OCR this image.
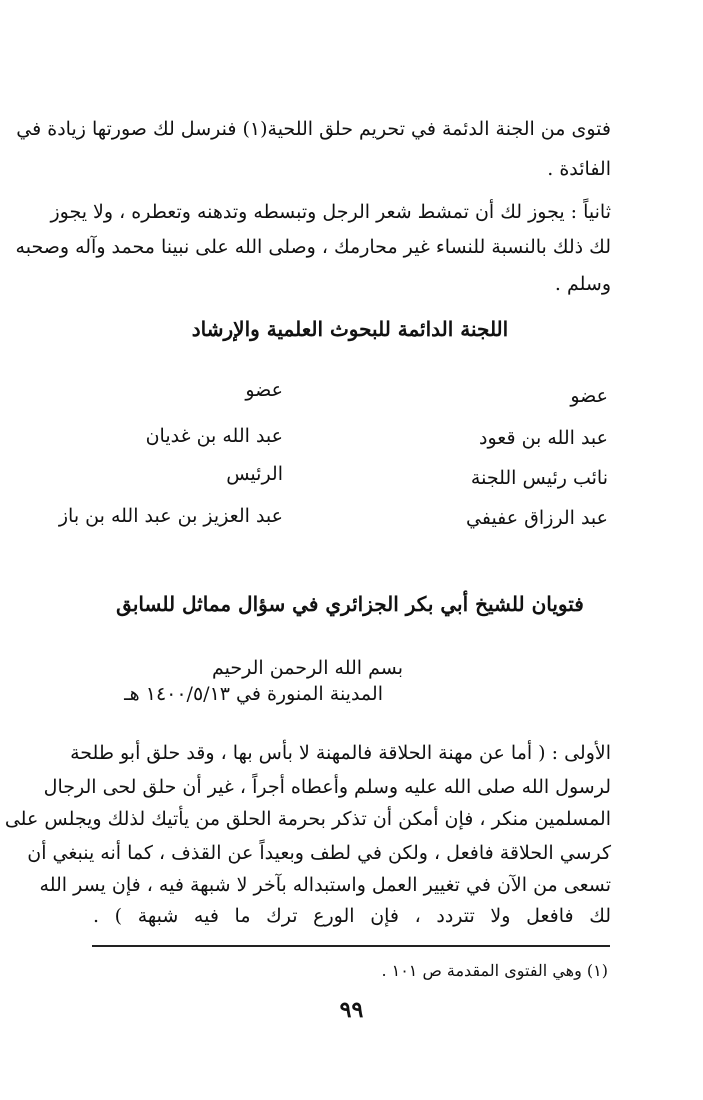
فتوى من الجنة الدئمة في تحريم حلق اللحية(١) فنرسل لك صورتها زيادة في
الفائدة .
ثانياً : يجوز لك أن تمشط شعر الرجل وتبسطه وتدهنه وتعطره ، ولا يجوز
لك ذلك بالنسبة للنساء غير محارمك ، وصلى الله على نبينا محمد وآله وصحبه
وسلم .
اللجنة الدائمة للبحوث العلمية والإرشاد
عضو
عضو
عبد الله بن قعود
عبد الله بن غديان
نائب رئيس اللجنة
الرئيس
عبد الرزاق عفيفي
عبد العزيز بن عبد الله بن باز
فتويان للشيخ أبي بكر الجزائري في سؤال مماثل للسابق
بسم الله الرحمن الرحيم
المدينة المنورة في ١٤٠٠/٥/١٣ هـ
الأولى : ( أما عن مهنة الحلاقة فالمهنة لا بأس بها ، وقد حلق أبو طلحة
لرسول الله صلى الله عليه وسلم وأعطاه أجراً ، غير أن حلق لحى الرجال
المسلمين منكر ، فإن أمكن أن تذكر بحرمة الحلق من يأتيك لذلك ويجلس على
كرسي الحلاقة فافعل ، ولكن في لطف وبعيداً عن القذف ، كما أنه ينبغي أن
تسعى من الآن في تغيير العمل واستبداله بآخر لا شبهة فيه ، فإن يسر الله
لك فافعل ولا تتردد ، فإن الورع ترك ما فيه شبهة ) .
(١) وهي الفتوى المقدمة ص ١٠١ .
٩٩
